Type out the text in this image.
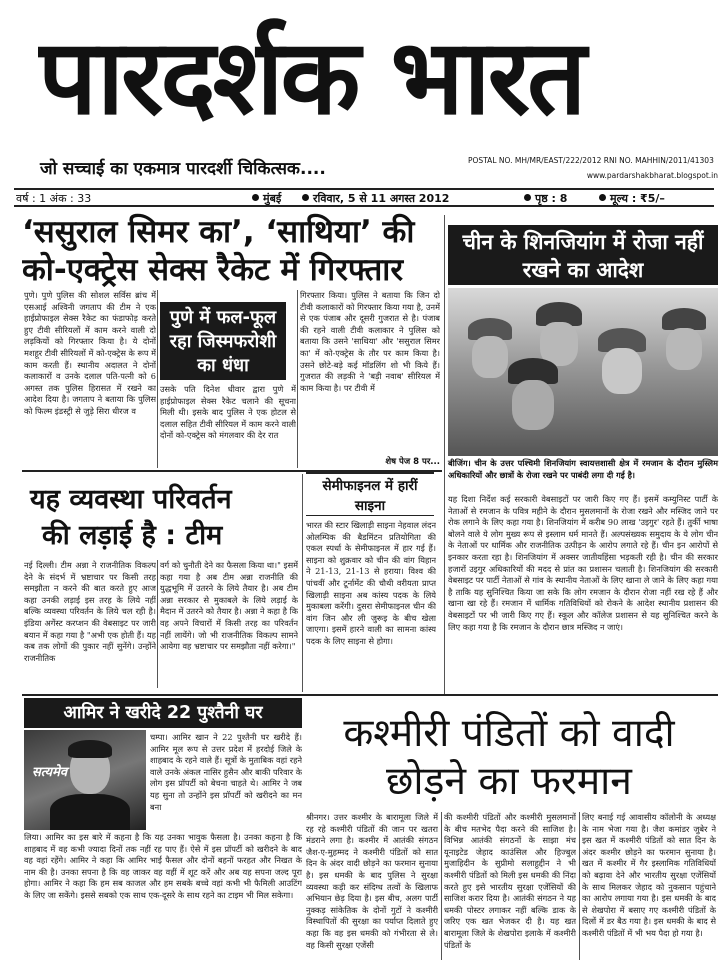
पारदर्शक भारत
जो सच्चाई का एकमात्र पारदर्शी चिकित्सक....	POSTAL NO. MH/MR/EAST/222/2012 RNI NO. MAHHIN/2011/41303
www.pardarshakbharat.blogspot.in
वर्ष : 1 अंक : 33	मुंबई	रविवार, 5 से 11 अगस्त 2012	पृष्ठ : 8	मूल्य : ₹5/–
‘ससुराल सिमर का’, ‘साथिया’ की
को-एक्ट्रेस सेक्स रैकेट में गिरफ्तार
पुणे। पुणे पुलिस की सोशल सर्विस ब्रांच में एसआई अश्विनी जगताप की टीम ने एक हाईप्रोफाइल सेक्स रैकेट का फंडाफोड़ करते हुए टीवी सीरियलों में काम करने वाली दो लड़कियों को गिरफ्तार किया है। ये दोनों मशहूर टीवी सीरियलों में को-एक्ट्रेस के रूप में काम करती हैं। स्थानीय अदालत ने दोनों कलाकारों व उनके दलाल पति-पत्नी को 6 अगस्त तक पुलिस हिरासत में रखने का आदेश दिया है। जगताप ने बताया कि पुलिस को फिल्म इंडस्ट्री से जुड़े सिरा धीरज व
पुणे में फल-फूल रहा जिस्मफरोशी का धंधा
उसके पति दिनेश धीवार द्वारा पुणे में हाईप्रोफाइल सेक्स रैकेट चलाने की सूचना मिली थी। इसके बाद पुलिस ने एक होटल से दलाल सहित टीवी सीरियल में काम करने वाली दोनों को-एक्ट्रेस को मंगलवार की देर रात
गिरफ्तार किया। पुलिस ने बताया कि जिन दो टीवी कलाकारों को गिरफ्तार किया गया है, उनमें से एक पंजाब और दूसरी गुजरात से है। पंजाब की रहने वाली टीवी कलाकार ने पुलिस को बताया कि उसने 'साथिया' और 'ससुराल सिमर का' में को-एक्ट्रेस के तौर पर काम किया है। उसने छोटे-बड़े कई मॉडलिंग शो भी किये हैं। गुजरात की लड़की ने 'बड़ी नवाब' सीरियल में काम किया है। पर टीवी में
शेष पेज 8 पर...
चीन के शिनजियांग में रोजा नहीं रखने का आदेश
बीजिंग। चीन के उत्तर पश्चिमी शिनजियांग स्वायत्तशासी क्षेत्र में रमजान के दौरान मुस्लिम अधिकारियों और छात्रों के रोजा रखने पर पाबंदी लगा दी गई है।
यह दिशा निर्देश कई सरकारी वेबसाइटों पर जारी किए गए हैं। इसमें कम्युनिस्ट पार्टी के नेताओं से रमजान के पवित्र महीने के दौरान मुसलमानों के रोजा रखने और मस्जिद जाने पर रोक लगाने के लिए कहा गया है। शिनजियांग में करीब 90 लाख 'उइगुर' रहते हैं। तुर्की भाषा बोलने वाले ये लोग मुख्य रूप से इस्लाम धर्म मानते हैं। अल्पसंख्यक समुदाय के ये लोग चीन के नेताओं पर धार्मिक और राजनीतिक उत्पीड़न के आरोप लगाते रहे हैं। चीन इन आरोपों से इनकार करता रहा है। शिनजियांग में अक्सर जातीयहिंसा भड़कती रही है। चीन की सरकार हजारों उइगुर अधिकारियों की मदद से प्रांत का प्रशासन चलाती है। शिनजियांग की सरकारी वेबसाइट पर पार्टी नेताओं से गांव के स्थानीय नेताओं के लिए खाना ले जाने के लिए कहा गया है ताकि यह सुनिश्चित किया जा सके कि लोग रमजान के दौरान रोजा नहीं रख रहे हैं और खाना खा रहे हैं। रमजान में धार्मिक गतिविधियों को रोकने के आदेश स्थानीय प्रशासन की वेबसाइटों पर भी जारी किए गए हैं। स्कूल और कॉलेज प्रशासन से यह सुनिश्चित करने के लिए कहा गया है कि रमजान के दौरान छात्र मस्जिद न जाएं।
यह व्यवस्था परिवर्तन
की लड़ाई है : टीम
नई दिल्ली। टीम अन्ना ने राजनीतिक विकल्प देने के संदर्भ में भ्रष्टाचार पर किसी तरह समझौता न करने की बात करते हुए आज कहा उनकी लड़ाई इस तरह के लिये नहीं बल्कि व्यवस्था परिवर्तन के लिये चल रही है। इंडिया अगेंस्ट करप्शन की वेबसाइट पर जारी बयान में कहा गया है "अभी एक होती हैं। यह कब तक लोगों की पुकार नहीं सुनेंगे। उन्होंने राजनीतिक
वर्ग को चुनौती देने का फैसला किया था।" इसमें कहा गया है अब टीम अन्ना राजनीति की युद्धभूमि में उतरने के लिये तैयार है। अब टीम अन्ना सरकार से मुकाबले के लिये लड़ाई के मैदान में उतरने को तैयार है। अन्ना ने कहा है कि वह अपने विचारों में किसी तरह का परिवर्तन नहीं लायेंगे। जो भी राजनीतिक विकल्प सामने आयेगा वह भ्रष्टाचार पर समझौता नहीं करेगा।"
सेमीफाइनल में हारीं साइना
भारत की स्टार खिलाड़ी साइना नेहवाल लंदन ओलम्पिक की बैडमिंटन प्रतियोगिता की एकल स्पर्धा के सेमीफाइनल में हार गई हैं। साइना को शुक्रवार को चीन की वांग यिहान ने 21-13, 21-13 से हराया। विश्व की पांचवीं और टूर्नामेंट की चौथी वरीयता प्राप्त खिलाड़ी साइना अब कांस्य पदक के लिये मुकाबला करेंगी। दुसरा सेमीफाइनल चीन की वांग जिन और ली जुरूइ के बीच खेला जाएगा। इसमें हारने वाली का सामना कांस्य पदक के लिए साइना से होगा।
आमिर ने खरीदे 22 पुश्तैनी घर
सत्यमेव
चम्पा। आमिर खान ने 22 पुश्तैनी घर खरीदे हैं। आमिर मूल रूप से उत्तर प्रदेश में हरदोई जिले के शाहबाद के रहने वाले हैं। सूत्रों के मुताबिक वहां रहने वाले उनके अंकल नासिर हुसैन और बाकी परिवार के लोग इस प्रॉपर्टी को बेचना चाहते थे। आमिर ने जब यह सुना तो उन्होंने इस प्रॉपर्टी को खरीदने का मन बना
लिया। आमिर का इस बारे में कहना है कि यह उनका भावुक फैसला है। उनका कहना है कि शाहबाद में वह कभी ज्यादा दिनों तक नहीं रह पाए हैं। ऐसे में इस प्रॉपर्टी को खरीदने के बाद वह वहां रहेंगे। आमिर ने कहा कि आमिर भाई फैसल और दोनों बहनों फरहत और निखत के नाम की है। उनका सपना है कि वह जाकर वह वहीं में शूट करें और अब यह सपना जल्द पूरा होगा। आमिर ने कहा कि हम सब काजल और हम सबके बच्चे वहां कभी भी फैमिली आउटिंग के लिए जा सकेंगे। इससे सबको एक साथ एक-दूसरे के साथ रहने का टाइम भी मिल सकेगा।
कश्मीरी पंडितों को वादी
छोड़ने का फरमान
श्रीनगर। उत्तर कश्मीर के बारामूला जिले में रह रहे कश्मीरी पंडितों की जान पर खतरा मंडराने लगा है। कश्मीर में आतंकी संगठन जैश-ए-मुहम्मद ने कश्मीरी पंडितों को सात दिन के अंदर वादी छोड़ने का फरमान सुनाया है। इस धमकी के बाद पुलिस ने सुरक्षा व्यवस्था कड़ी कर संदिग्ध तत्वों के खिलाफ अभियान छेड़ दिया है। इस बीच, अलग पार्टी नुक्कड़ सांकेतिक के दोनों गुटों ने कश्मीरी विस्थापितों की सुरक्षा का पर्याप्त दिलाते हुए कहा कि वह इस धमकी को गंभीरता से ले। वह किसी सुरक्षा एजेंसी
की कश्मीरी पंडितों और कश्मीरी मुसलमानों के बीच मतभेद पैदा करने की साजिश है। विभिन्न आतंकी संगठनों के साझा मंच यूनाइटेड जेहाद काउंसिल और हिज्बुल मुजाहिदीन के सुप्रीमो सलाहुद्दीन ने भी कश्मीरी पंडितों को मिली इस धमकी की निंदा करते हुए इसे भारतीय सुरक्षा एजेंसियों की साजिश करार दिया है। आतंकी संगठन ने यह धमकी पोस्टर लगाकर नहीं बल्कि डाक के जरिए एक खत भेजकर दी है। यह खत बारामूला जिले के शेखपोरा इलाके में कश्मीरी पंडितों के
लिए बनाई गई आवासीय कॉलोनी के अध्यक्ष के नाम भेजा गया है। जैश कमांडर जुबेर ने इस खत में कश्मीरी पंडितों को सात दिन के अंदर कश्मीर छोड़ने का फरमान सुनाया है। खत में कश्मीर में गैर इस्लामिक गतिविधियों को बढ़ावा देने और भारतीय सुरक्षा एजेंसियों के साथ मिलकर जेहाद को नुकसान पहुंचाने का आरोप लगाया गया है। इस धमकी के बाद से शेखपोरा में बसाए गए कश्मीरी पंडितों के दिलों में डर बैठ गया है। इस धमकी के बाद से कश्मीरी पंडितों में भी भय पैदा हो गया है।
